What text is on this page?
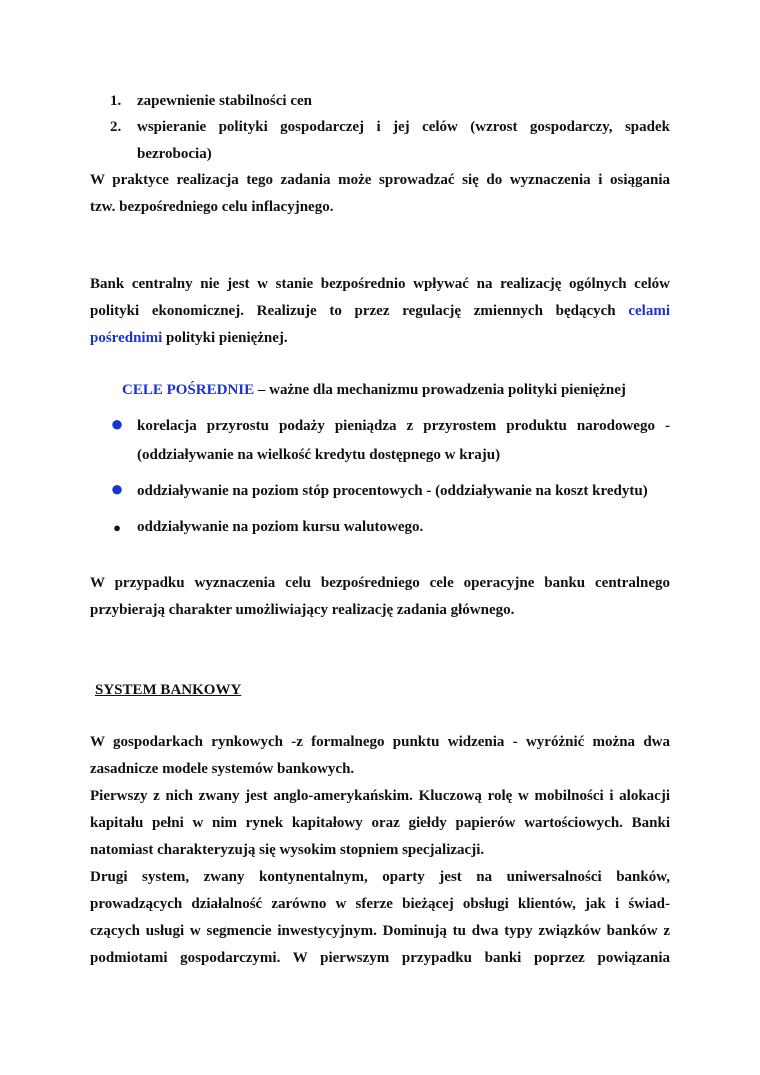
1. zapewnienie stabilności cen
2. wspieranie polityki gospodarczej i jej celów (wzrost gospodarczy, spadek
bezrobocia)
W praktyce realizacja tego zadania może sprowadzać się do wyznaczenia i osiągania
tzw. bezpośredniego celu inflacyjnego.
Bank centralny nie jest w stanie bezpośrednio wpływać na realizację ogólnych celów
polityki ekonomicznej. Realizuje to przez regulację zmiennych będących celami
pośrednimi polityki pieniężnej.
CELE POŚREDNIE – ważne dla mechanizmu prowadzenia polityki pieniężnej
● korelacja przyrostu podaży pieniądza z przyrostem produktu narodowego -
(oddziaływanie na wielkość kredytu dostępnego w kraju)
● oddziaływanie na poziom stóp procentowych - (oddziaływanie na koszt kredytu)
● oddziaływanie na poziom kursu walutowego.
W przypadku wyznaczenia celu bezpośredniego cele operacyjne banku centralnego
przybierają charakter umożliwiający realizację zadania głównego.
SYSTEM BANKOWY
W gospodarkach rynkowych -z formalnego punktu widzenia - wyróżnić można dwa
zasadnicze modele systemów bankowych.
Pierwszy z nich zwany jest anglo-amerykańskim. Kluczową rolę w mobilności i alokacji
kapitału pełni w nim rynek kapitałowy oraz giełdy papierów wartościowych. Banki
natomiast charakteryzują się wysokim stopniem specjalizacji.
Drugi system, zwany kontynentalnym, oparty jest na uniwersalności banków,
prowadzących działalność zarówno w sferze bieżącej obsługi klientów, jak i świad-
czących usługi w segmencie inwestycyjnym. Dominują tu dwa typy związków banków z
podmiotami gospodarczymi. W pierwszym przypadku banki poprzez powiązania
